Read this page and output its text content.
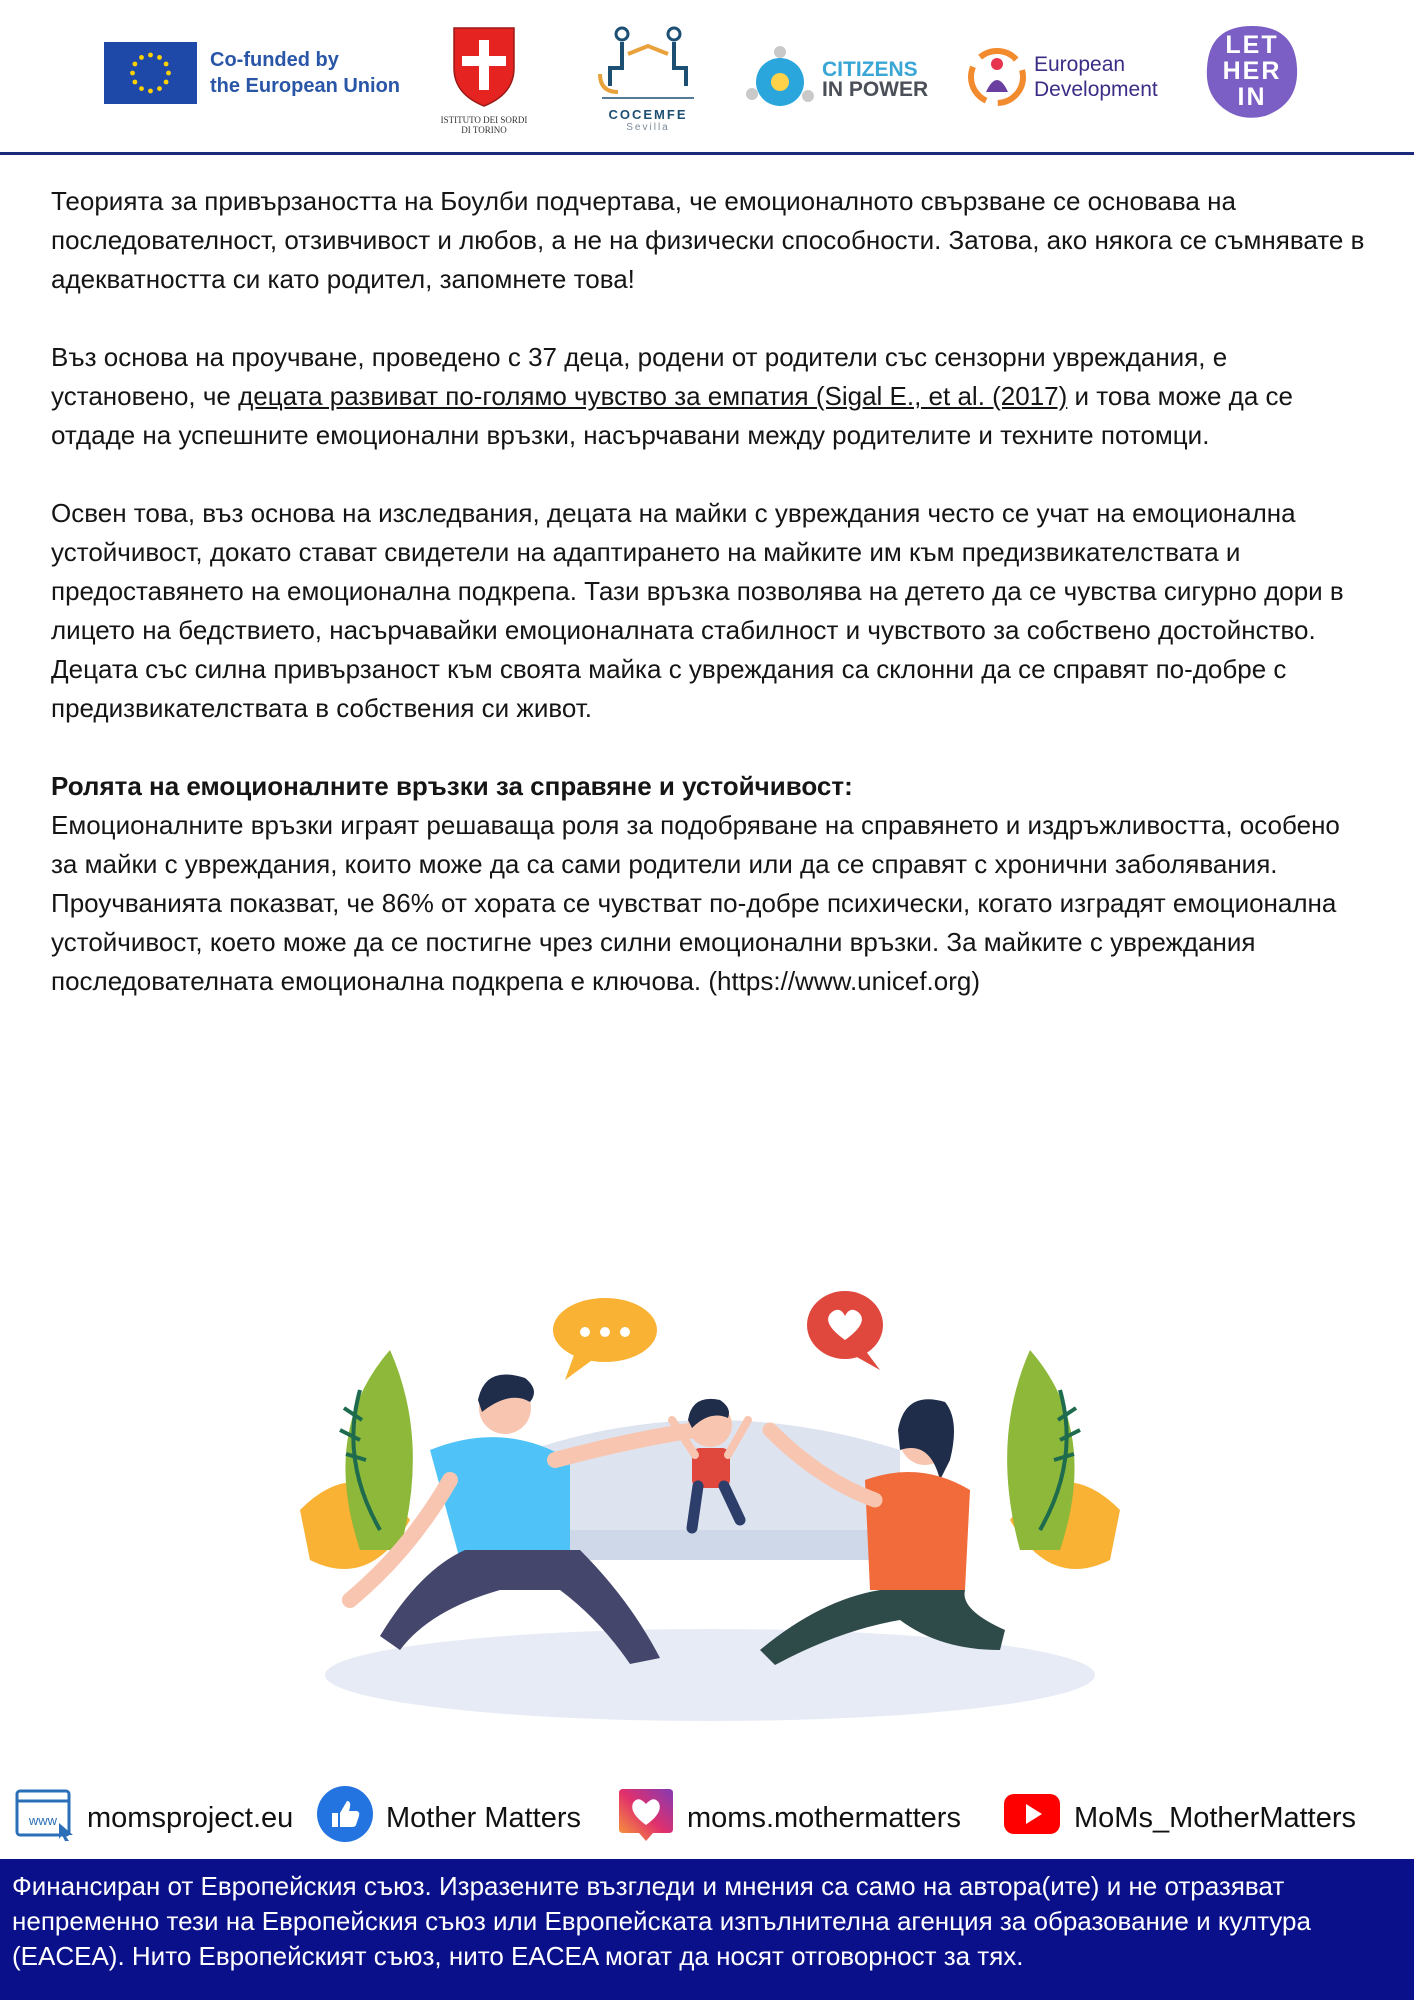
Co-funded by
the European Union
ISTITUTO DEI SORDI
DI TORINO
COCEMFE
Sevilla
CITIZENS
IN POWER
European
Development
LET
HER
IN

Теорията за привързаността на Боулби подчертава, че емоционалното свързване се основава на последователност, отзивчивост и любов, а не на физически способности. Затова, ако някога се съмнявате в адекватността си като родител, запомнете това!

Въз основа на проучване, проведено с 37 деца, родени от родители със сензорни увреждания, е установено, че децата развиват по-голямо чувство за емпатия (Sigal E., et al. (2017) и това може да се отдаде на успешните емоционални връзки, насърчавани между родителите и техните потомци.

Освен това, въз основа на изследвания, децата на майки с увреждания често се учат на емоционална устойчивост, докато стават свидетели на адаптирането на майките им към предизвикателствата и предоставянето на емоционална подкрепа. Тази връзка позволява на детето да се чувства сигурно дори в лицето на бедствието, насърчавайки емоционалната стабилност и чувството за собствено достойнство. Децата със силна привързаност към своята майка с увреждания са склонни да се справят по-добре с предизвикателствата в собствения си живот.

Ролята на емоционалните връзки за справяне и устойчивост:

Емоционалните връзки играят решаваща роля за подобряване на справянето и издръжливостта, особено за майки с увреждания, които може да са сами родители или да се справят с хронични заболявания. Проучванията показват, че 86% от хората се чувстват по-добре психически, когато изградят емоционална устойчивост, което може да се постигне чрез силни емоционални връзки. За майките с увреждания последователната емоционална подкрепа е ключова. (https://www.unicef.org)

www momsproject.eu	Mother Matters	moms.mothermatters	MoMs_MotherMatters
Финансиран от Европейския съюз. Изразените възгледи и мнения са само на автора(ите) и не отразяват непременно тези на Европейския съюз или Европейската изпълнителна агенция за образование и култура (EACEA). Нито Европейският съюз, нито EACEA могат да носят отговорност за тях.
